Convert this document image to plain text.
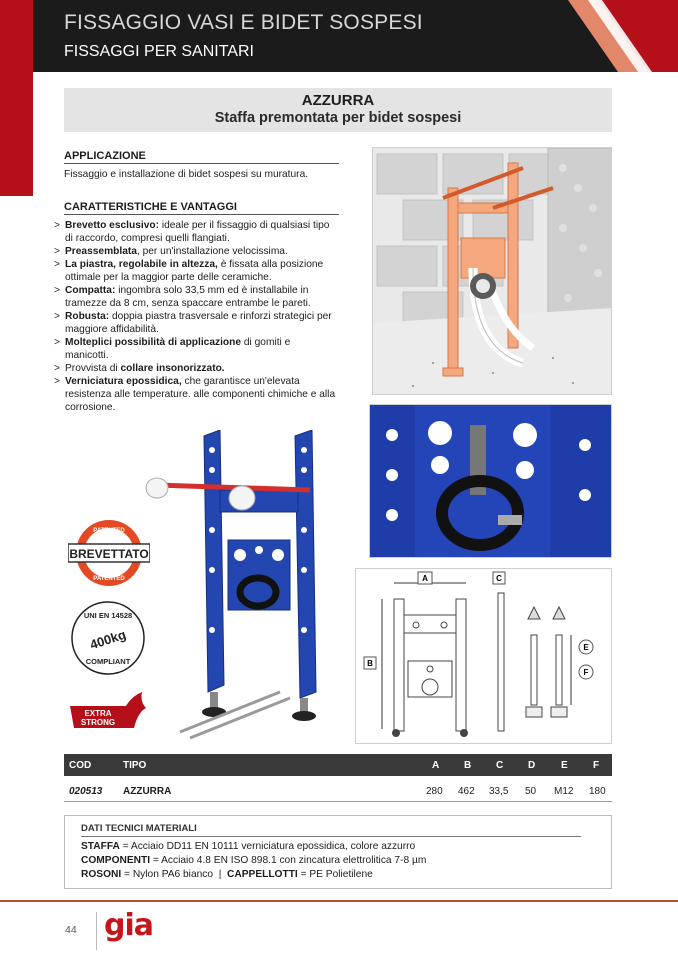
FISSAGGIO VASI E BIDET SOSPESI
FISSAGGI PER SANITARI
AZZURRA
Staffa premontata per bidet sospesi
APPLICAZIONE
Fissaggio e installazione di bidet sospesi su muratura.
CARATTERISTICHE E VANTAGGI
> Brevetto esclusivo: ideale per il fissaggio di qualsiasi tipo di raccordo, compresi quelli flangiati.
> Preassemblata, per un'installazione velocissima.
> La piastra, regolabile in altezza, è fissata alla posizione ottimale per la maggior parte delle ceramiche.
> Compatta: ingombra solo 33,5 mm ed è installabile in tramezze da 8 cm, senza spaccare entrambe le pareti.
> Robusta: doppia piastra trasversale e rinforzi strategici per maggiore affidabilità.
> Molteplici possibilità di applicazione di gomiti e manicotti.
> Provvista di collare insonorizzato.
> Verniciatura epossidica, che garantisce un'elevata resistenza alle temperature. alle componenti chimiche e alla corrosione.
A	C
B
E
F
PATENTED
BREVETTATO
PATENTED
UNI EN 14528
400kg
COMPLIANT
EXTRA
STRONG
COD	TIPO	A B C D	E	F
020513 AZZURRA	280 462 33,5 50 M12 180
DATI TECNICI MATERIALI
STAFFA = Acciaio DD11 EN 10111 verniciatura epossidica, colore azzurro
COMPONENTI = Acciaio 4.8 EN ISO 898.1 con zincatura elettrolitica 7-8 µm
ROSONI = Nylon PA6 bianco  |  CAPPELLOTTI = PE Polietilene
44 gia
